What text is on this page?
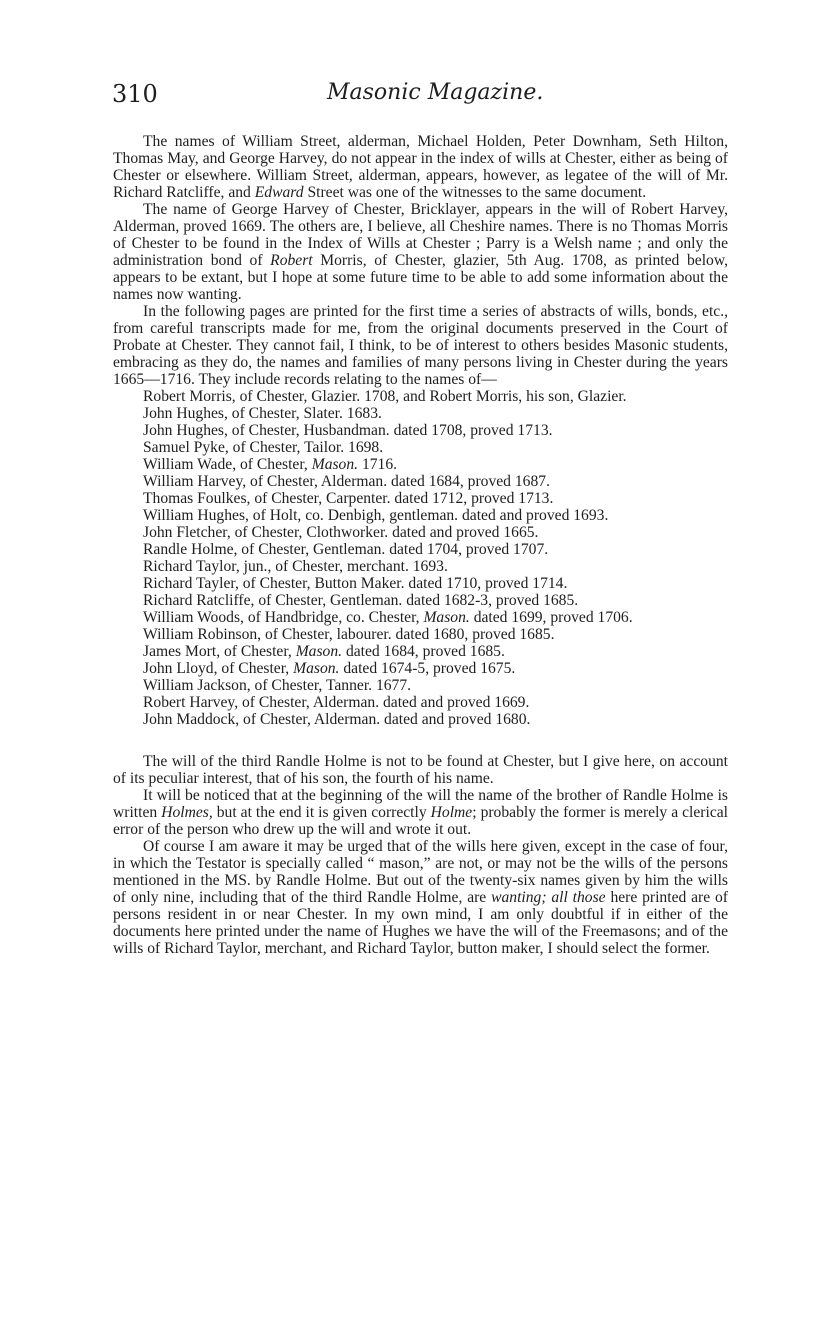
310	Masonic Magazine.

The names of William Street, alderman, Michael Holden, Peter Downham, Seth Hilton, Thomas May, and George Harvey, do not appear in the index of wills at Chester, either as being of Chester or elsewhere. William Street, alderman, appears, however, as legatee of the will of Mr. Richard Ratcliffe, and Edward Street was one of the witnesses to the same document.

The name of George Harvey of Chester, Bricklayer, appears in the will of Robert Harvey, Alderman, proved 1669. The others are, I believe, all Cheshire names. There is no Thomas Morris of Chester to be found in the Index of Wills at Chester ; Parry is a Welsh name ; and only the administration bond of Robert Morris, of Chester, glazier, 5th Aug. 1708, as printed below, appears to be extant, but I hope at some future time to be able to add some information about the names now wanting.

In the following pages are printed for the first time a series of abstracts of wills, bonds, etc., from careful transcripts made for me, from the original documents preserved in the Court of Probate at Chester. They cannot fail, I think, to be of interest to others besides Masonic students, embracing as they do, the names and families of many persons living in Chester during the years 1665—1716. They include records relating to the names of—

Robert Morris, of Chester, Glazier. 1708, and Robert Morris, his son, Glazier.
John Hughes, of Chester, Slater. 1683.
John Hughes, of Chester, Husbandman. dated 1708, proved 1713.
Samuel Pyke, of Chester, Tailor. 1698.
William Wade, of Chester, Mason. 1716.
William Harvey, of Chester, Alderman. dated 1684, proved 1687.
Thomas Foulkes, of Chester, Carpenter. dated 1712, proved 1713.
William Hughes, of Holt, co. Denbigh, gentleman. dated and proved 1693.
John Fletcher, of Chester, Clothworker. dated and proved 1665.
Randle Holme, of Chester, Gentleman. dated 1704, proved 1707.
Richard Taylor, jun., of Chester, merchant. 1693.
Richard Tayler, of Chester, Button Maker. dated 1710, proved 1714.
Richard Ratcliffe, of Chester, Gentleman. dated 1682-3, proved 1685.
William Woods, of Handbridge, co. Chester, Mason. dated 1699, proved 1706.
William Robinson, of Chester, labourer. dated 1680, proved 1685.
James Mort, of Chester, Mason. dated 1684, proved 1685.
John Lloyd, of Chester, Mason. dated 1674-5, proved 1675.
William Jackson, of Chester, Tanner. 1677.
Robert Harvey, of Chester, Alderman. dated and proved 1669.
John Maddock, of Chester, Alderman. dated and proved 1680.

The will of the third Randle Holme is not to be found at Chester, but I give here, on account of its peculiar interest, that of his son, the fourth of his name.

It will be noticed that at the beginning of the will the name of the brother of Randle Holme is written Holmes, but at the end it is given correctly Holme; probably the former is merely a clerical error of the person who drew up the will and wrote it out.

Of course I am aware it may be urged that of the wills here given, except in the case of four, in which the Testator is specially called “ mason,” are not, or may not be the wills of the persons mentioned in the MS. by Randle Holme. But out of the twenty-six names given by him the wills of only nine, including that of the third Randle Holme, are wanting; all those here printed are of persons resident in or near Chester. In my own mind, I am only doubtful if in either of the documents here printed under the name of Hughes we have the will of the Freemasons; and of the wills of Richard Taylor, merchant, and Richard Taylor, button maker, I should select the former.
